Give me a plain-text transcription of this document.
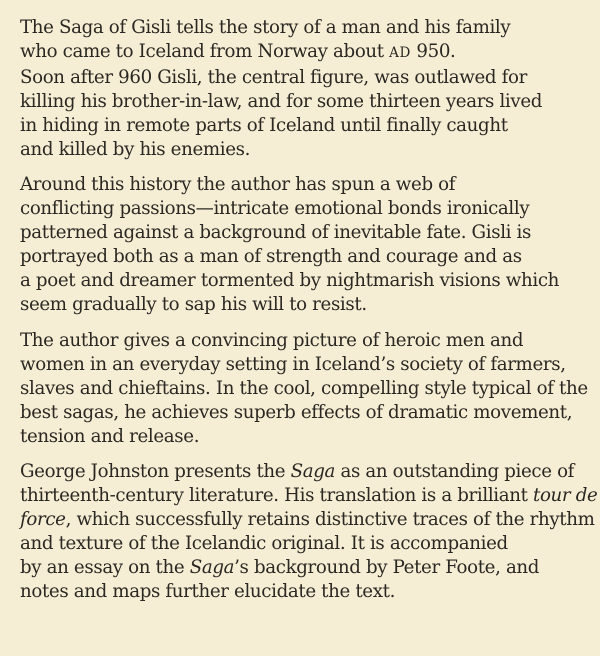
The Saga of Gisli tells the story of a man and his family
who came to Iceland from Norway about AD 950.
Soon after 960 Gisli, the central figure, was outlawed for
killing his brother-in-law, and for some thirteen years lived
in hiding in remote parts of Iceland until finally caught
and killed by his enemies.

Around this history the author has spun a web of
conflicting passions—intricate emotional bonds ironically
patterned against a background of inevitable fate. Gisli is
portrayed both as a man of strength and courage and as
a poet and dreamer tormented by nightmarish visions which
seem gradually to sap his will to resist.

The author gives a convincing picture of heroic men and
women in an everyday setting in Iceland’s society of farmers,
slaves and chieftains. In the cool, compelling style typical of the
best sagas, he achieves superb effects of dramatic movement,
tension and release.

George Johnston presents the Saga as an outstanding piece of
thirteenth-century literature. His translation is a brilliant tour de
force, which successfully retains distinctive traces of the rhythm
and texture of the Icelandic original. It is accompanied
by an essay on the Saga’s background by Peter Foote, and
notes and maps further elucidate the text.
